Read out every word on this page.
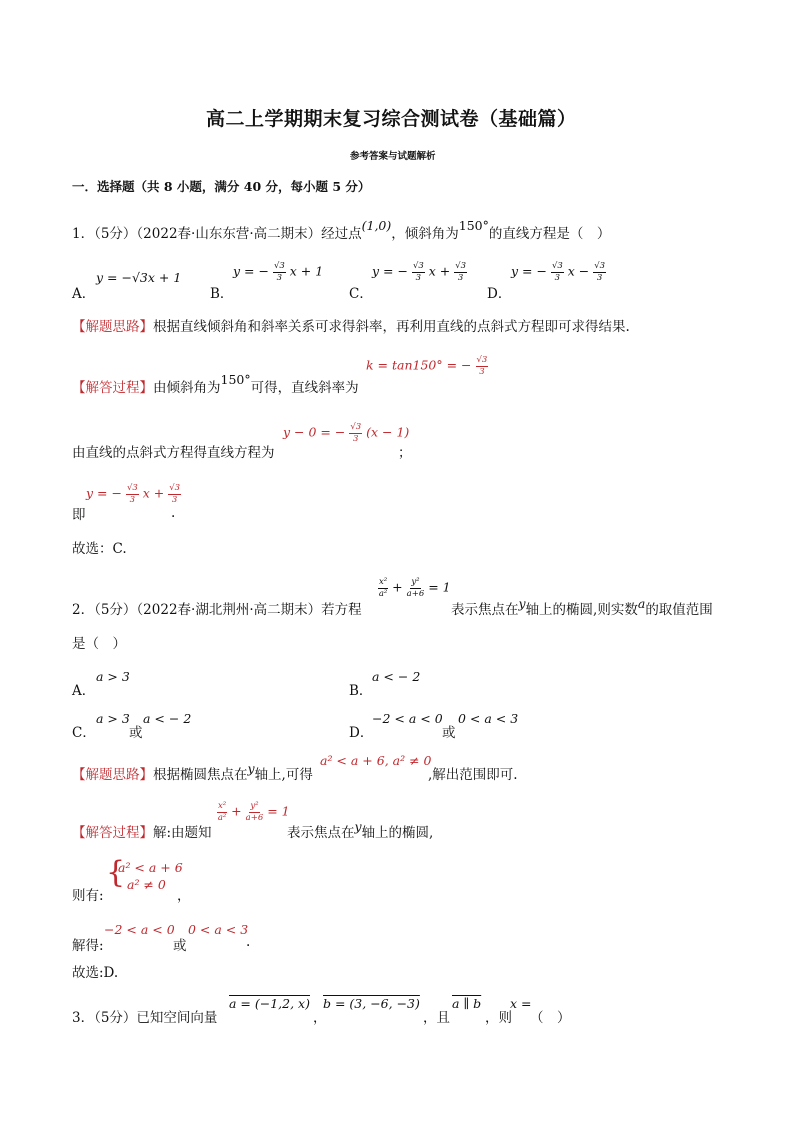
高二上学期期末复习综合测试卷（基础篇）
参考答案与试题解析
一．选择题（共 8 小题，满分 40 分，每小题 5 分）
1．（5分）（2022春·山东东营·高二期末）经过点(1,0)，倾斜角为150°的直线方程是（　）
A．
y = −√3x + 1
B．
y = − $\frac{√3}{3}$ x + 1
C．
y = − $\frac{√3}{3}$ $x + \frac{√3}{3}$
D．
y = − $\frac{√3}{3}$ $x - \frac{√3}{3}$
【解题思路】根据直线倾斜角和斜率关系可求得斜率，再利用直线的点斜式方程即可求得结果.
【解答过程】由倾斜角为150°可得，直线斜率为
k = tan150° = − $\frac{√3}{3}$
由直线的点斜式方程得直线方程为
y − 0 = − $\frac{√3}{3} (x - 1)$
；
y = − $\frac{√3}{3}$ $x + \frac{√3}{3}$
即	.
故选：C.
$\frac{\text{x²}}{\text{a²}} + \frac{\text{y²}}{a+6} = 1$
2．（5分）（2022春·湖北荆州·高二期末）若方程	表示焦点在y轴上的椭圆,则实数a的取值范围
是（　）
A．
a > 3
B．
a < − 2
C．
a > 3
或
a < − 2
D．
−2 < a < 0
或
0 < a < 3
【解题思路】根据椭圆焦点在y轴上,可得
a² < a + 6, a² ≠ 0
,解出范围即可.
$\frac{\text{x²}}{\text{a²}} + \frac{\text{y²}}{a+6} = 1$
【解答过程】解:由题知	表示焦点在y轴上的椭圆,
{
a² < a + 6
a² ≠ 0
则有:	，
解得:
−2 < a < 0
或
0 < a < 3
.
故选:D.
3．（5分）已知空间向量
a = (−1,2, x)
，
b = (3, −6, −3)
，且
a ∥ b
，则
x =
（　）
